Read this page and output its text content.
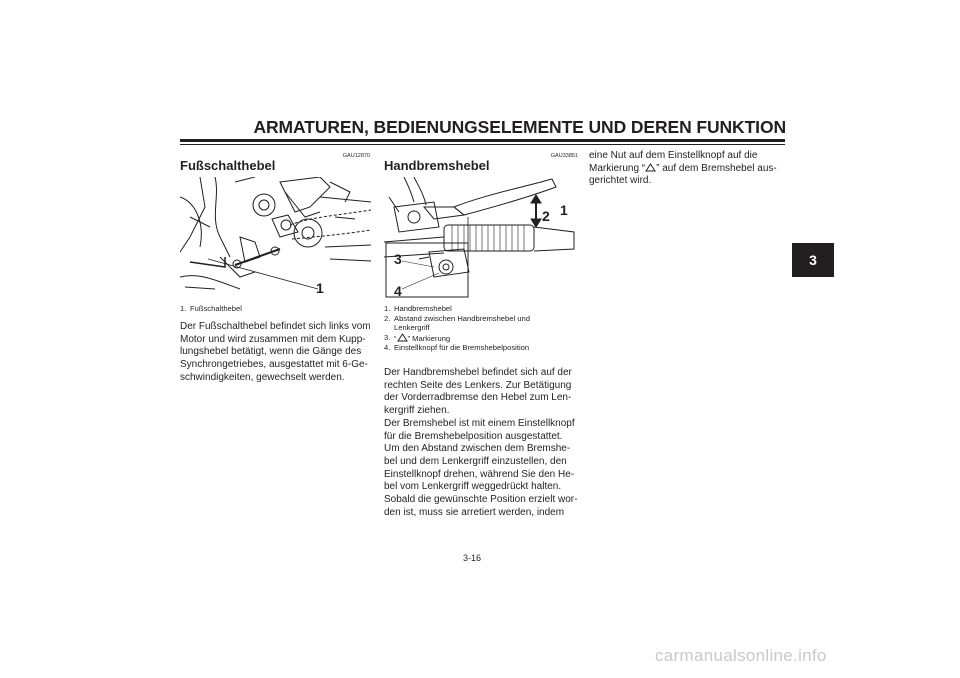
ARMATUREN, BEDIENUNGSELEMENTE UND DEREN FUNKTION
3
GAU12870
Fußschalthebel
1
1. Fußschalthebel
Der Fußschalthebel befindet sich links vom
Motor und wird zusammen mit dem Kupp-
lungshebel betätigt, wenn die Gänge des
Synchrongetriebes, ausgestattet mit 6-Ge-
schwindigkeiten, gewechselt werden.
GAU33851
Handbremshebel
1
2
3
4
1. Handbremshebel
2. Abstand zwischen Handbremshebel und
Lenkergriff
3. “ ” Markierung
4. Einstellknopf für die Bremshebelposition
Der Handbremshebel befindet sich auf der
rechten Seite des Lenkers. Zur Betätigung
der Vorderradbremse den Hebel zum Len-
kergriff ziehen.
Der Bremshebel ist mit einem Einstellknopf
für die Bremshebelposition ausgestattet.
Um den Abstand zwischen dem Bremshe-
bel und dem Lenkergriff einzustellen, den
Einstellknopf drehen, während Sie den He-
bel vom Lenkergriff weggedrückt halten.
Sobald die gewünschte Position erzielt wor-
den ist, muss sie arretiert werden, indem
eine Nut auf dem Einstellknopf auf die
Markierung “ ” auf dem Bremshebel aus-
gerichtet wird.
3-16
carmanualsonline.info
